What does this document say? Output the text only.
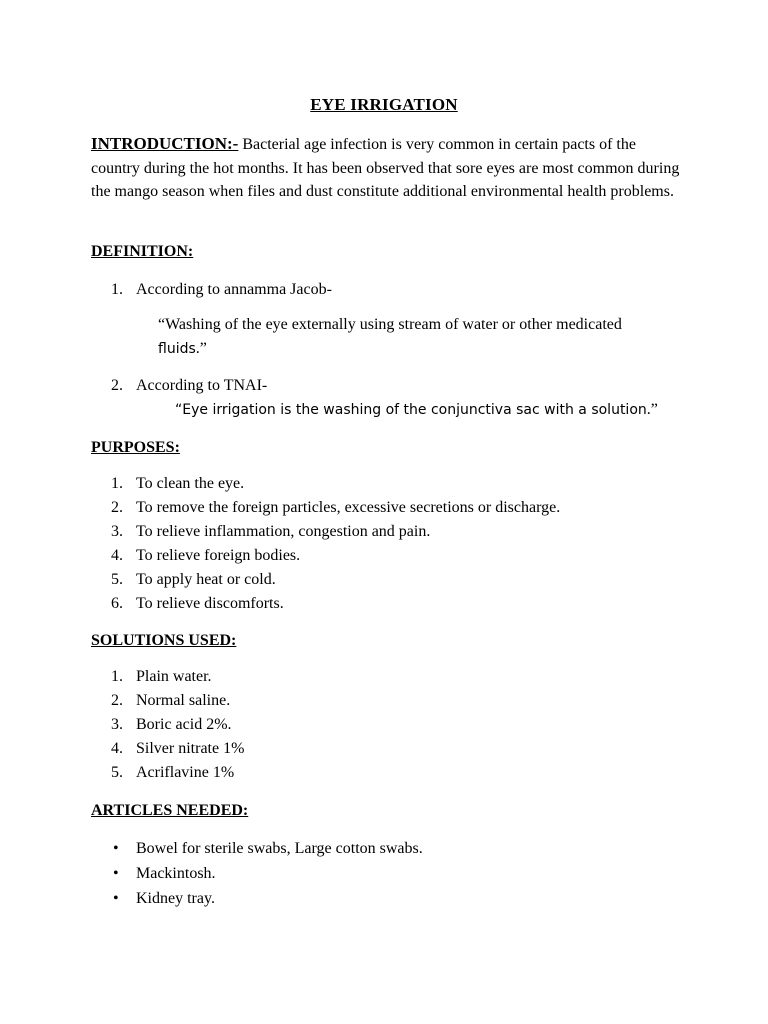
EYE IRRIGATION
INTRODUCTION:- Bacterial age infection is very common in certain pacts of the country during the hot months. It has been observed that sore eyes are most common during the mango season when files and dust constitute additional environmental health problems.
DEFINITION:
1. According to annamma Jacob-
“Washing of the eye externally using stream of water or other medicated
fluids.”
2. According to TNAI-
“Eye irrigation is the washing of the conjunctiva sac with a solution.”
PURPOSES:
1. To clean the eye.
2. To remove the foreign particles, excessive secretions or discharge.
3. To relieve inflammation, congestion and pain.
4. To relieve foreign bodies.
5. To apply heat or cold.
6. To relieve discomforts.
SOLUTIONS USED:
1. Plain water.
2. Normal saline.
3. Boric acid 2%.
4. Silver nitrate 1%
5. Acriflavine 1%
ARTICLES NEEDED:
• Bowel for sterile swabs, Large cotton swabs.
• Mackintosh.
• Kidney tray.
